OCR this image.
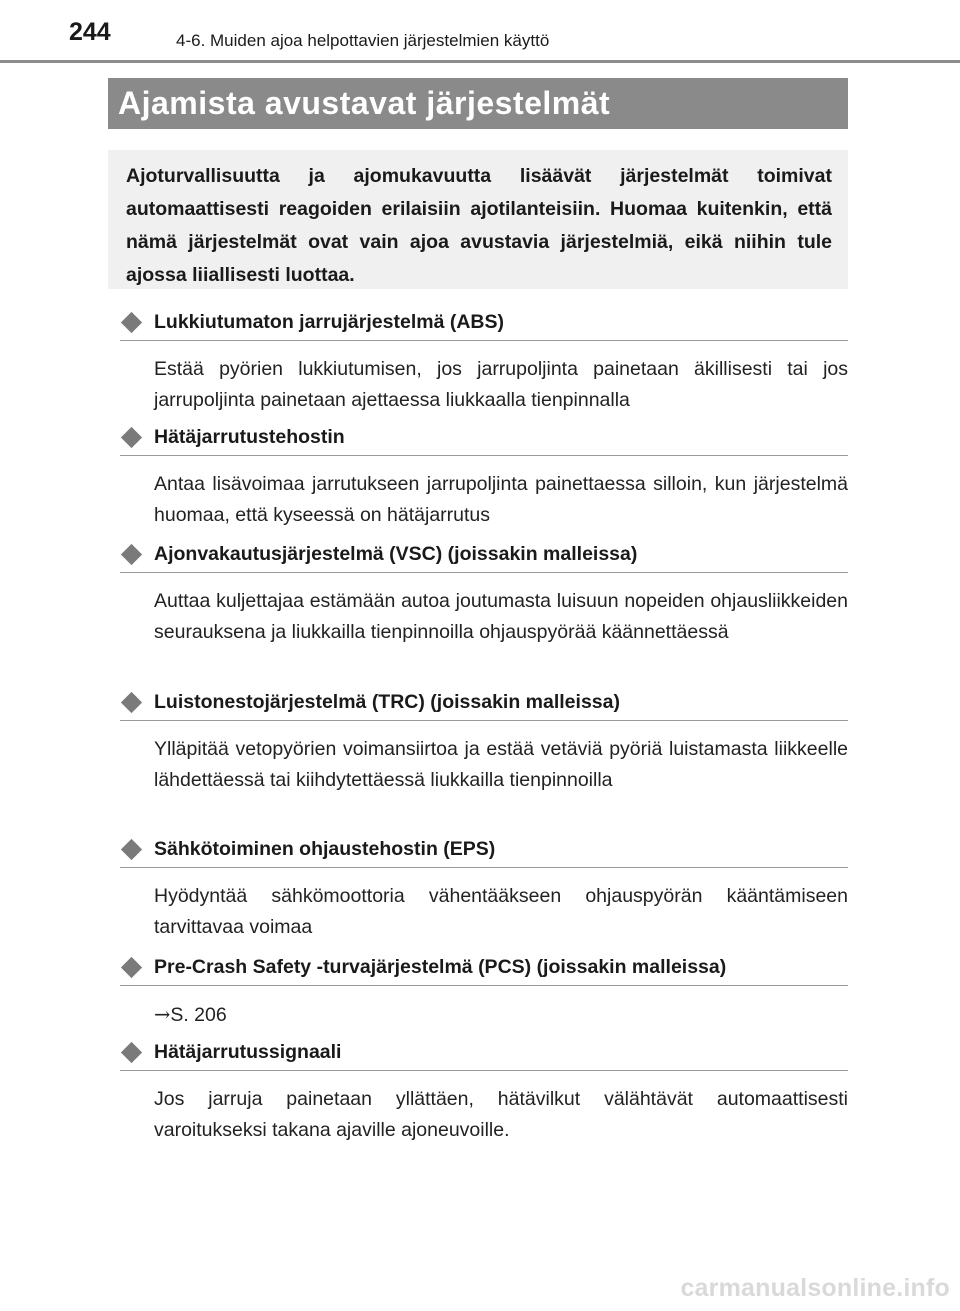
244	4-6. Muiden ajoa helpottavien järjestelmien käyttö
Ajamista avustavat järjestelmät

Ajoturvallisuutta ja ajomukavuutta lisäävät järjestelmät toimivat automaattisesti reagoiden erilaisiin ajotilanteisiin. Huomaa kuitenkin, että nämä järjestelmät ovat vain ajoa avustavia järjestelmiä, eikä niihin tule ajossa liiallisesti luottaa.

Lukkiutumaton jarrujärjestelmä (ABS)
Estää pyörien lukkiutumisen, jos jarrupoljinta painetaan äkillisesti tai jos jarrupoljinta painetaan ajettaessa liukkaalla tienpinnalla
Hätäjarrutustehostin
Antaa lisävoimaa jarrutukseen jarrupoljinta painettaessa silloin, kun järjestelmä huomaa, että kyseessä on hätäjarrutus
Ajonvakautusjärjestelmä (VSC) (joissakin malleissa)
Auttaa kuljettajaa estämään autoa joutumasta luisuun nopeiden ohjausliikkeiden seurauksena ja liukkailla tienpinnoilla ohjauspyörää käännettäessä
Luistonestojärjestelmä (TRC) (joissakin malleissa)
Ylläpitää vetopyörien voimansiirtoa ja estää vetäviä pyöriä luistamasta liikkeelle lähdettäessä tai kiihdytettäessä liukkailla tienpinnoilla
Sähkötoiminen ohjaustehostin (EPS)
Hyödyntää sähkömoottoria vähentääkseen ohjauspyörän kääntämiseen tarvittavaa voimaa
Pre-Crash Safety -turvajärjestelmä (PCS) (joissakin malleissa)
→S. 206
Hätäjarrutussignaali
Jos jarruja painetaan yllättäen, hätävilkut välähtävät automaattisesti varoitukseksi takana ajaville ajoneuvoille.
carmanualsonline.info
